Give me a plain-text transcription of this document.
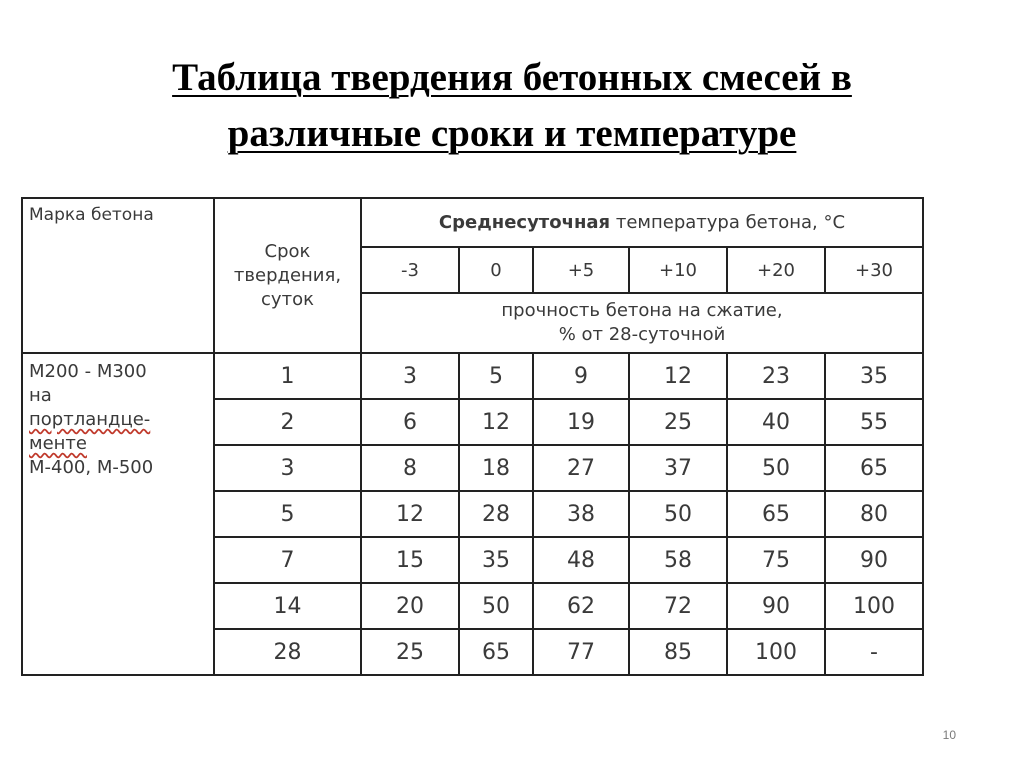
Таблица твердения бетонных смесей в
различные сроки и температуре
Марка бетона	Срок
твердения,
суток	Среднесуточная температура бетона, °С					
		-3	0	+5	+10	+20	+30
		прочность бетона на сжатие,
% от 28-суточной					
М200 - М300
на
портландце-
менте
М-400, М-500	1	3	5	9	12	23	35
	2	6	12	19	25	40	55
	3	8	18	27	37	50	65
	5	12	28	38	50	65	80
	7	15	35	48	58	75	90
	14	20	50	62	72	90	100
	28	25	65	77	85	100	-
10
